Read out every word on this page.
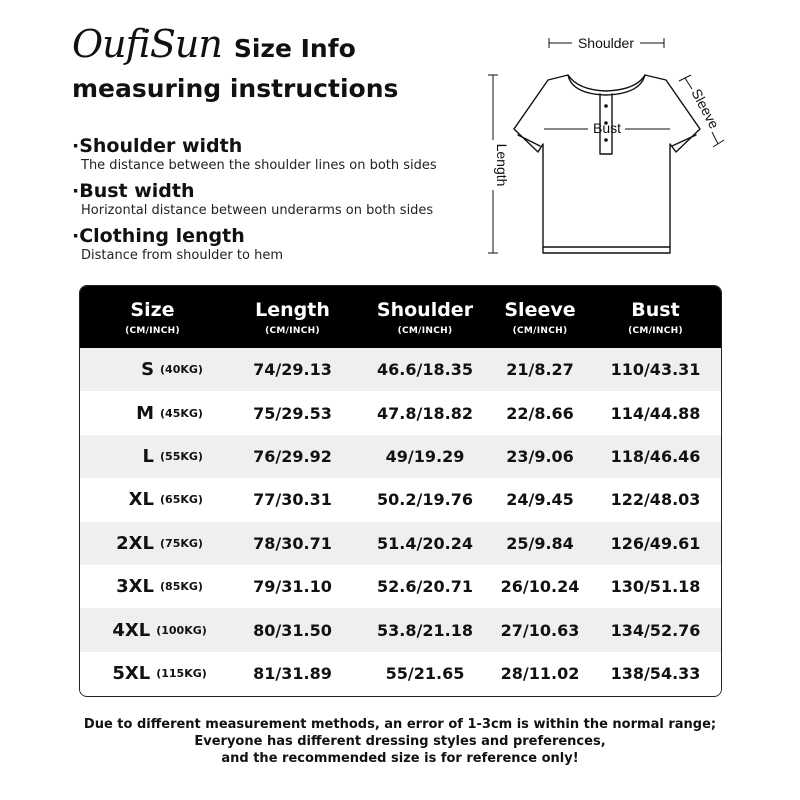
OufiSun Size Info
measuring instructions
·Shoulder width
The distance between the shoulder lines on both sides
·Bust width
Horizontal distance between underarms on both sides
·Clothing length
Distance from shoulder to hem
Shoulder
Length
Bust	Sleeve
Size
(CM/INCH)
Length
(CM/INCH)
Shoulder
(CM/INCH)
Sleeve
(CM/INCH)
Bust
(CM/INCH)
S (40KG)	74/29.13	46.6/18.35	21/8.27	110/43.31
M (45KG)	75/29.53	47.8/18.82	22/8.66	114/44.88
L (55KG)	76/29.92	49/19.29	23/9.06	118/46.46
XL (65KG)	77/30.31	50.2/19.76	24/9.45	122/48.03
2XL (75KG)	78/30.71	51.4/20.24	25/9.84	126/49.61
3XL (85KG)	79/31.10	52.6/20.71	26/10.24	130/51.18
4XL (100KG)	80/31.50	53.8/21.18	27/10.63	134/52.76
5XL (115KG)	81/31.89	55/21.65	28/11.02	138/54.33
Due to different measurement methods, an error of 1-3cm is within the normal range;
Everyone has different dressing styles and preferences,
and the recommended size is for reference only!
